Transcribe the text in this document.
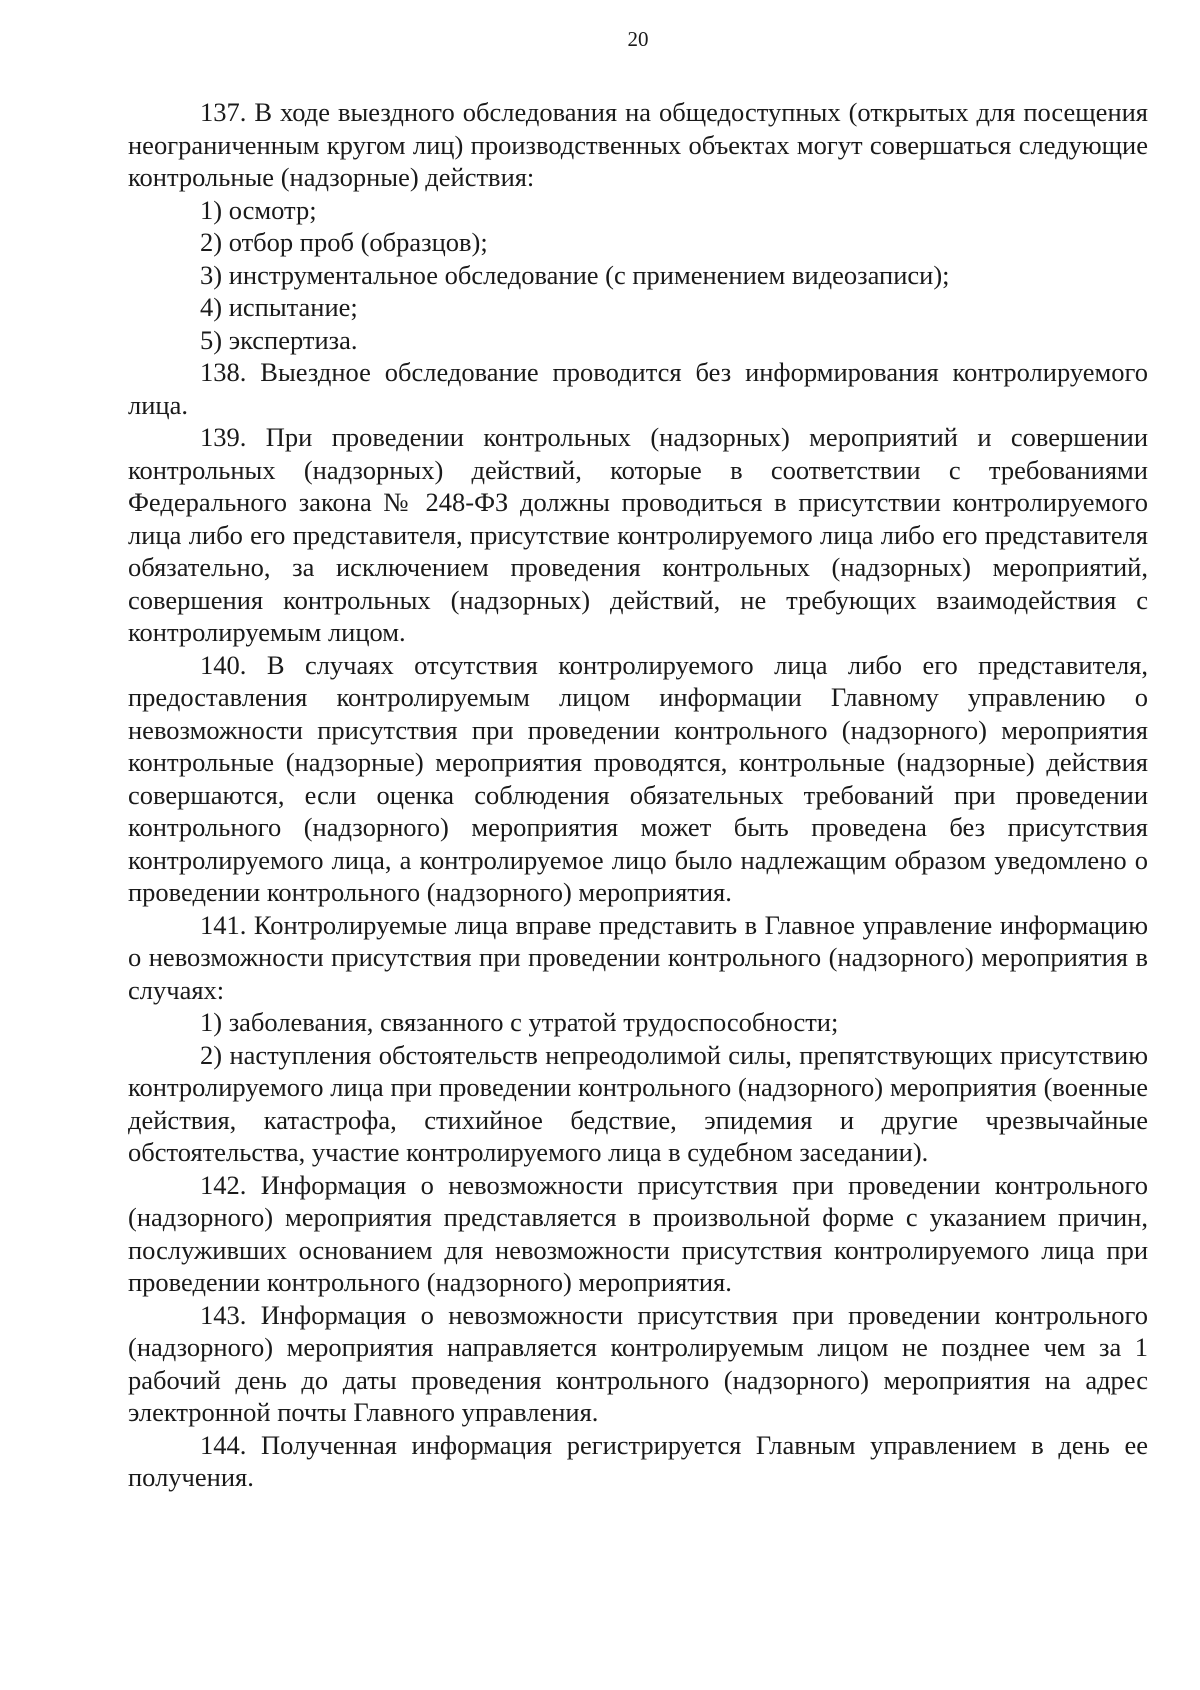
20

137. В ходе выездного обследования на общедоступных (открытых для посещения неограниченным кругом лиц) производственных объектах могут совершаться следующие контрольные (надзорные) действия:

1) осмотр;

2) отбор проб (образцов);

3) инструментальное обследование (с применением видеозаписи);

4) испытание;

5) экспертиза.

138. Выездное обследование проводится без информирования контролируемого лица.

139. При проведении контрольных (надзорных) мероприятий и совершении контрольных (надзорных) действий, которые в соответствии с требованиями Федерального закона № 248-ФЗ должны проводиться в присутствии контролируемого лица либо его представителя, присутствие контролируемого лица либо его представителя обязательно, за исключением проведения контрольных (надзорных) мероприятий, совершения контрольных (надзорных) действий, не требующих взаимодействия с контролируемым лицом.

140. В случаях отсутствия контролируемого лица либо его представителя, предоставления контролируемым лицом информации Главному управлению о невозможности присутствия при проведении контрольного (надзорного) мероприятия контрольные (надзорные) мероприятия проводятся, контрольные (надзорные) действия совершаются, если оценка соблюдения обязательных требований при проведении контрольного (надзорного) мероприятия может быть проведена без присутствия контролируемого лица, а контролируемое лицо было надлежащим образом уведомлено о проведении контрольного (надзорного) мероприятия.

141. Контролируемые лица вправе представить в Главное управление информацию о невозможности присутствия при проведении контрольного (надзорного) мероприятия в случаях:

1) заболевания, связанного с утратой трудоспособности;

2) наступления обстоятельств непреодолимой силы, препятствующих присутствию контролируемого лица при проведении контрольного (надзорного) мероприятия (военные действия, катастрофа, стихийное бедствие, эпидемия и другие чрезвычайные обстоятельства, участие контролируемого лица в судебном заседании).

142. Информация о невозможности присутствия при проведении контрольного (надзорного) мероприятия представляется в произвольной форме с указанием причин, послуживших основанием для невозможности присутствия контролируемого лица при проведении контрольного (надзорного) мероприятия.

143. Информация о невозможности присутствия при проведении контрольного (надзорного) мероприятия направляется контролируемым лицом не позднее чем за 1 рабочий день до даты проведения контрольного (надзорного) мероприятия на адрес электронной почты Главного управления.

144. Полученная информация регистрируется Главным управлением в день ее получения.
